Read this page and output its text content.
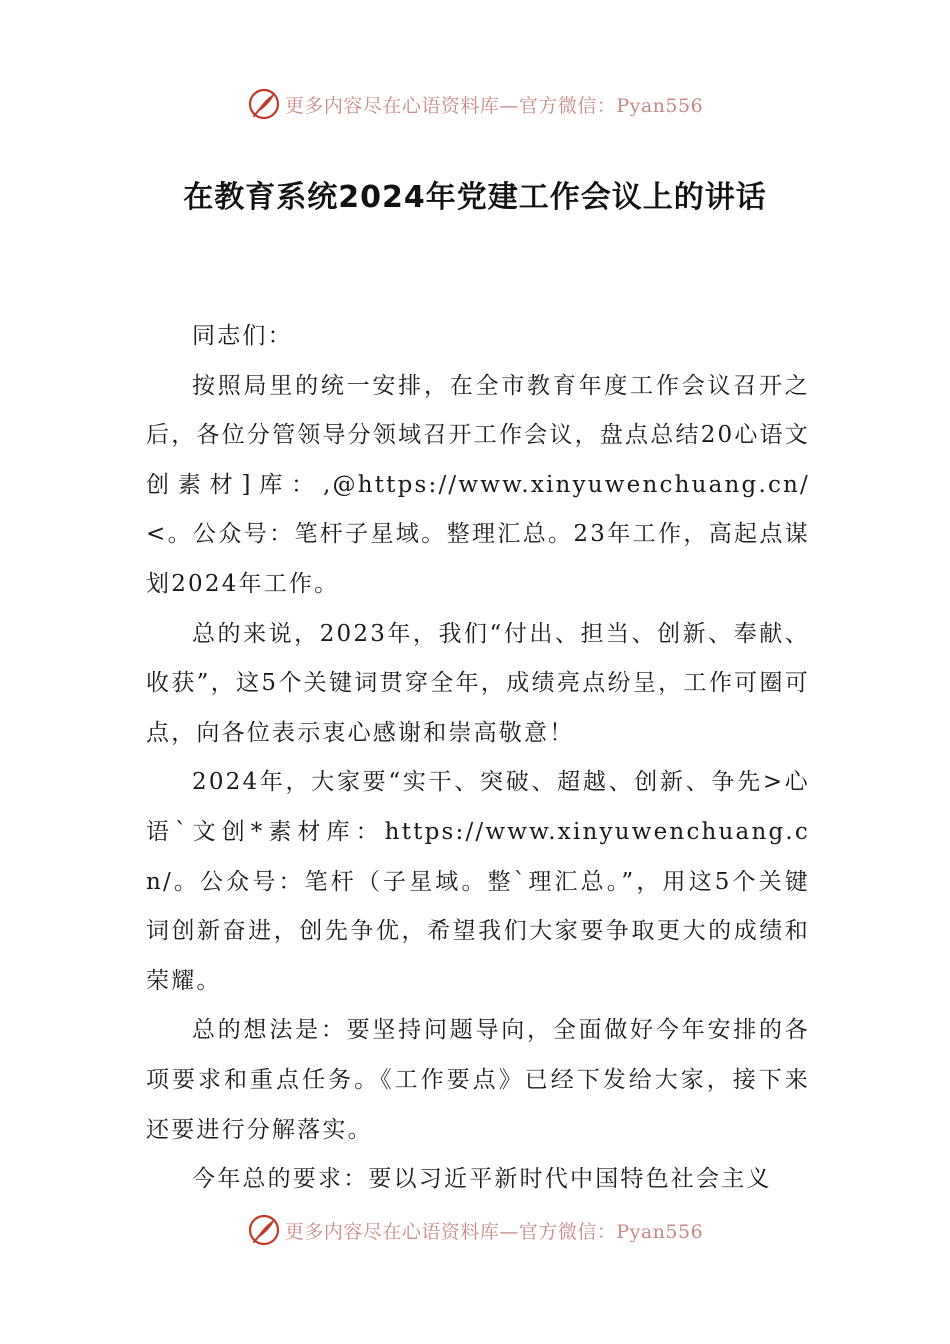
更多内容尽在心语资料库—官方微信：Pyan556
在教育系统2024年党建工作会议上的讲话

同志们：

按照局里的统一安排，在全市教育年度工作会议召开之后，各位分管领导分领域召开工作会议，盘点总结20心语文创素材]库：,@https://www.xinyuwenchuang.cn/<。公众号：笔杆子星域。整理汇总。23年工作，高起点谋划2024年工作。

总的来说，2023年，我们“付出、担当、创新、奉献、收获”，这5个关键词贯穿全年，成绩亮点纷呈，工作可圈可点，向各位表示衷心感谢和崇高敬意！

2024年，大家要“实干、突破、超越、创新、争先>心语`文创*素材库：https://www.xinyuwenchuang.cn/。公众号：笔杆（子星域。整`理汇总。”，用这5个关键词创新奋进，创先争优，希望我们大家要争取更大的成绩和荣耀。

总的想法是：要坚持问题导向，全面做好今年安排的各项要求和重点任务。《工作要点》已经下发给大家，接下来还要进行分解落实。

今年总的要求：要以习近平新时代中国特色社会主义

更多内容尽在心语资料库—官方微信：Pyan556
